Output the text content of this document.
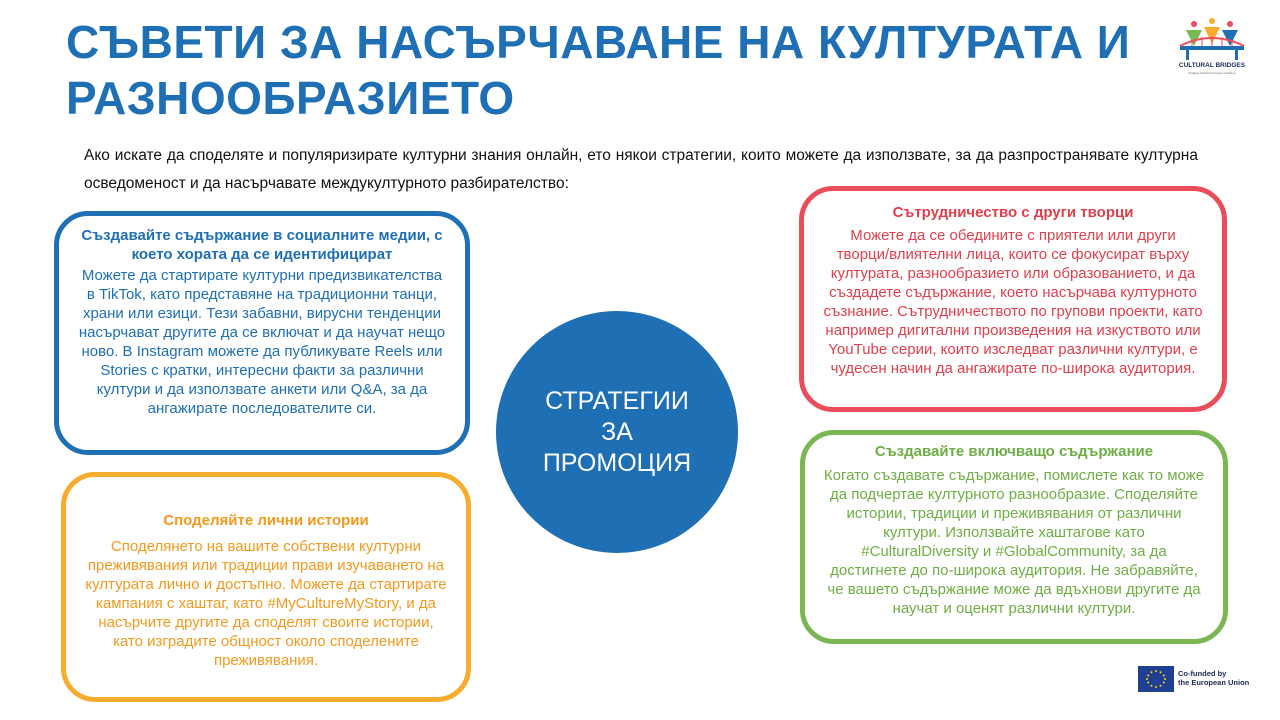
СЪВЕТИ ЗА НАСЪРЧАВАНЕ НА КУЛТУРАТА И РАЗНООБРАЗИЕТО
CULTURAL BRIDGES
bridging cultures through education

Ако искате да споделяте и популяризирате културни знания онлайн, ето някои стратегии, които можете да използвате, за да разпространявате културна осведоменост и да насърчавате междукултурното разбирателство:

Създавайте съдържание в социалните медии, с което хората да се идентифицират

Можете да стартирате културни предизвикателства в TikTok, като представяне на традиционни танци, храни или езици. Тези забавни, вирусни тенденции насърчават другите да се включат и да научат нещо ново. В Instagram можете да публикувате Reels или Stories с кратки, интересни факти за различни култури и да използвате анкети или Q&A, за да ангажирате последователите си.

Споделяйте лични истории

Споделянето на вашите собствени културни преживявания или традиции прави изучаването на културата лично и достъпно. Можете да стартирате кампания с хаштаг, като #MyCultureMyStory, и да насърчите другите да споделят своите истории, като изградите общност около споделените преживявания.

Сътрудничество с други творци

Можете да се обедините с приятели или други творци/влиятелни лица, които се фокусират върху културата, разнообразието или образованието, и да създадете съдържание, което насърчава културното съзнание. Сътрудничеството по групови проекти, като например дигитални произведения на изкуството или YouTube серии, които изследват различни култури, е чудесен начин да ангажирате по-широка аудитория.

Създавайте включващо съдържание

Когато създавате съдържание, помислете как то може да подчертае културното разнообразие. Споделяйте истории, традиции и преживявания от различни култури. Използвайте хаштагове като #CulturalDiversity и #GlobalCommunity, за да достигнете до по-широка аудитория. Не забравяйте, че вашето съдържание може да вдъхнови другите да научат и оценят различни култури.

СТРАТЕГИИ
ЗА
ПРОМОЦИЯ
Co-funded by
the European Union
